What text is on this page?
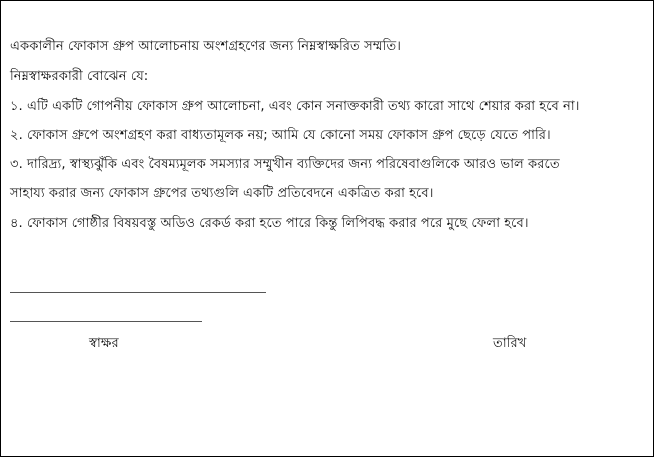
এককালীন ফোকাস গ্রুপ আলোচনায় অংশগ্রহণের জন্য নিম্নস্বাক্ষরিত সম্মতি।
নিম্নস্বাক্ষরকারী বোঝেন যে:
১. এটি একটি গোপনীয় ফোকাস গ্রুপ আলোচনা, এবং কোন সনাক্তকারী তথ্য কারো সাথে শেয়ার করা হবে না।
২. ফোকাস গ্রুপে অংশগ্রহণ করা বাধ্যতামূলক নয়; আমি যে কোনো সময় ফোকাস গ্রুপ ছেড়ে যেতে পারি।
৩. দারিদ্র্য, স্বাস্থ্যঝুঁকি এবং বৈষম্যমূলক সমস্যার সম্মুখীন ব্যক্তিদের জন্য পরিষেবাগুলিকে আরও ভাল করতে
সাহায্য করার জন্য ফোকাস গ্রুপের তথ্যগুলি একটি প্রতিবেদনে একত্রিত করা হবে।
৪. ফোকাস গোষ্ঠীর বিষয়বস্তু অডিও রেকর্ড করা হতে পারে কিন্তু লিপিবদ্ধ করার পরে মুছে ফেলা হবে।
স্বাক্ষর	তারিখ
